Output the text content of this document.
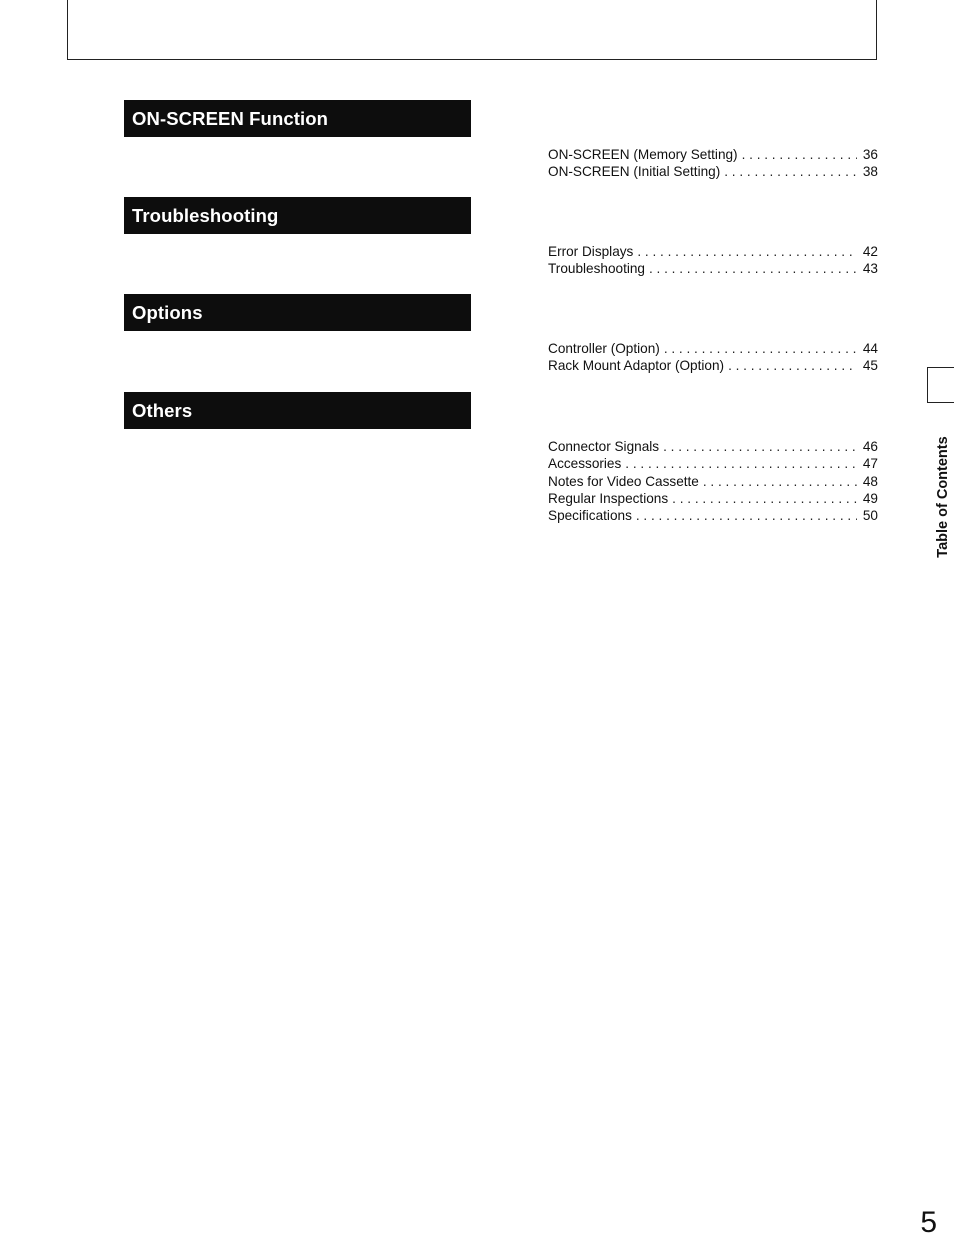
ON-SCREEN Function
Troubleshooting
Options
Others
ON-SCREEN (Memory Setting) . . .	36
ON-SCREEN (Initial Setting) . . .	38
Error Displays . . .	42
Troubleshooting . . .	43
Controller (Option) . . .	44
Rack Mount Adaptor (Option) . . .	45
Connector Signals . . .	46
Accessories . . .	47
Notes for Video Cassette . . .	48
Regular Inspections . . .	49
Specifications . . .	50	Table of Contents
5
